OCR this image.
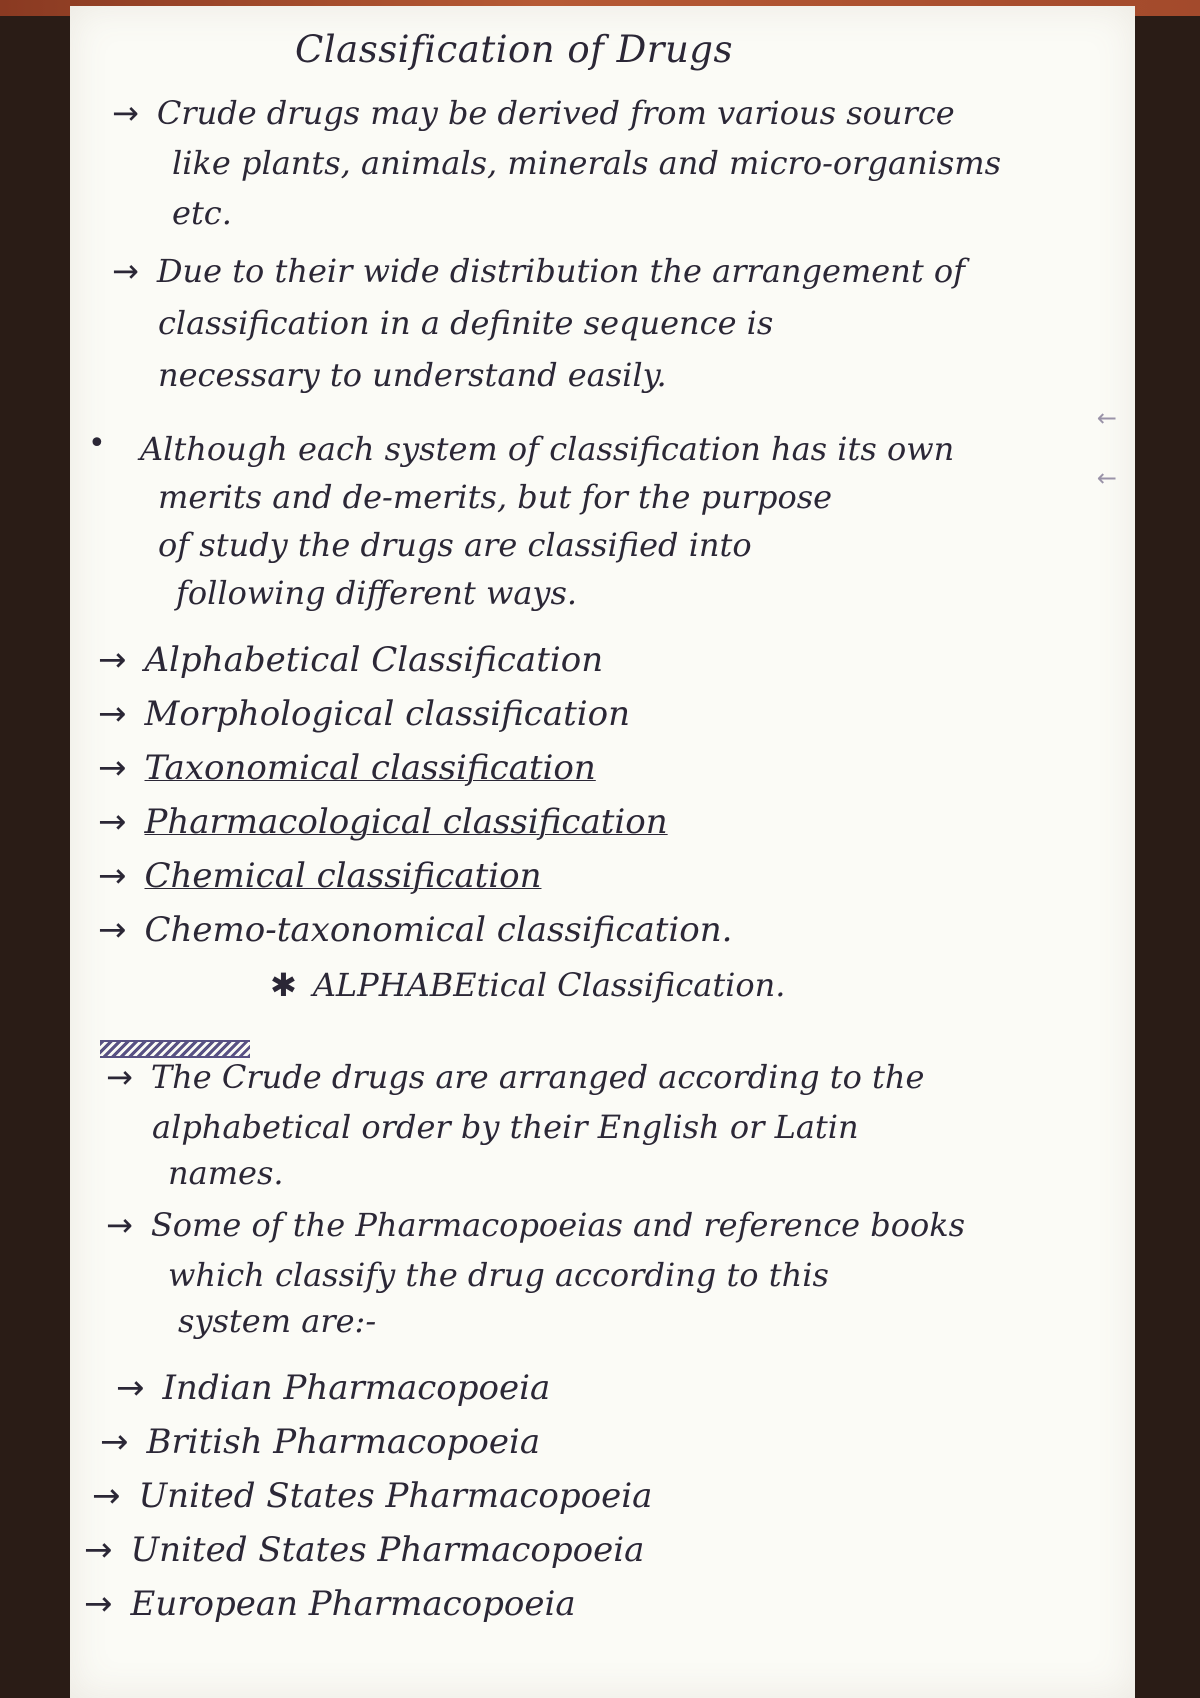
Classification of Drugs
→ Crude drugs may be derived from various source
like plants, animals, minerals and micro-organisms
etc.
→ Due to their wide distribution the arrangement of
classification in a definite sequence is
necessary to understand easily.
• Although each system of classification has its own
merits and de-merits, but for the purpose
of study the drugs are classified into
following different ways.
←
←
→ Alphabetical Classification
→ Morphological classification
→ Taxonomical classification
→ Pharmacological classification
→ Chemical classification
→ Chemo-taxonomical classification.
✱ ALPHABEtical Classification.
→ The Crude drugs are arranged according to the
alphabetical order by their English or Latin
names.
→ Some of the Pharmacopoeias and reference books
which classify the drug according to this
system are:-
→ Indian Pharmacopoeia
→ British Pharmacopoeia
→ United States Pharmacopoeia
→ United States Pharmacopoeia
→ European Pharmacopoeia
